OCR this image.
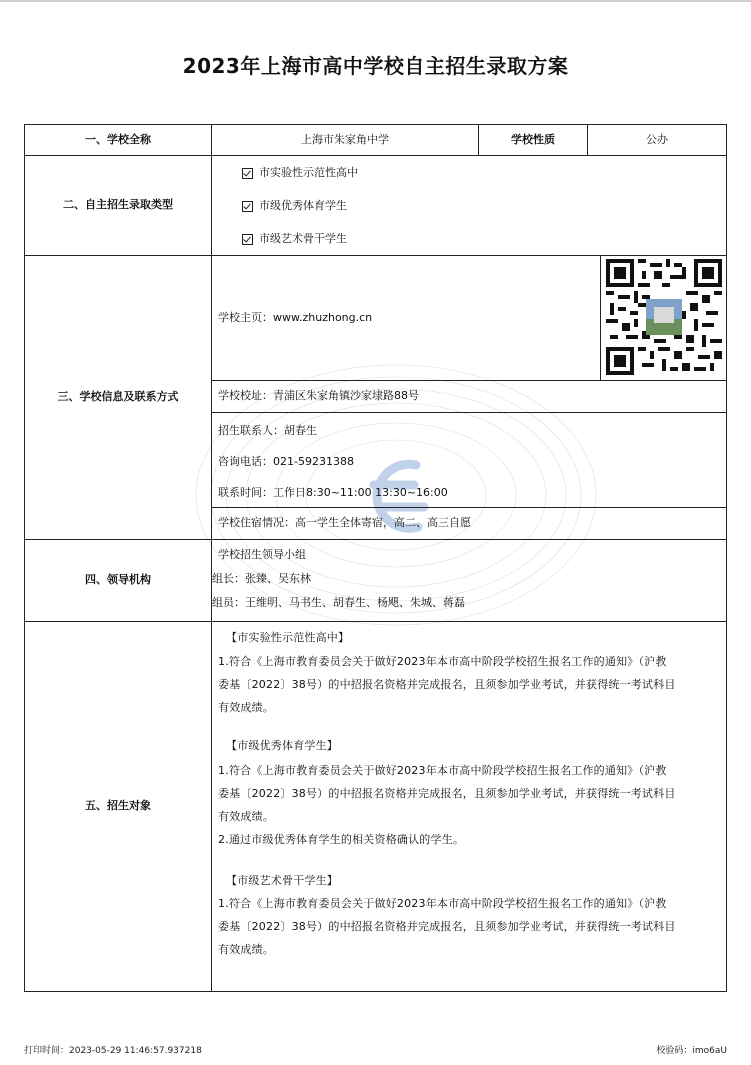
2023年上海市高中学校自主招生录取方案
一、学校全称	上海市朱家角中学	学校性质	公办
二、自主招生录取类型
市实验性示范性高中
市级优秀体育学生
市级艺术骨干学生
三、学校信息及联系方式
学校主页：www.zhuzhong.cn
学校校址：青浦区朱家角镇沙家埭路88号
招生联系人：胡春生
咨询电话：021-59231388
联系时间：工作日8:30~11:00 13:30~16:00
学校住宿情况：高一学生全体寄宿，高二、高三自愿
四、领导机构
学校招生领导小组
组长：张臻、吴东林
组员：王维明、马书生、胡春生、杨飓、朱城、蒋磊
五、招生对象
【市实验性示范性高中】
1.符合《上海市教育委员会关于做好2023年本市高中阶段学校招生报名工作的通知》（沪教
委基〔2022〕38号）的中招报名资格并完成报名，且须参加学业考试，并获得统一考试科目
有效成绩。
【市级优秀体育学生】
1.符合《上海市教育委员会关于做好2023年本市高中阶段学校招生报名工作的通知》（沪教
委基〔2022〕38号）的中招报名资格并完成报名，且须参加学业考试，并获得统一考试科目
有效成绩。
2.通过市级优秀体育学生的相关资格确认的学生。
【市级艺术骨干学生】
1.符合《上海市教育委员会关于做好2023年本市高中阶段学校招生报名工作的通知》（沪教
委基〔2022〕38号）的中招报名资格并完成报名，且须参加学业考试，并获得统一考试科目
有效成绩。
打印时间：2023-05-29 11:46:57.937218	校验码：imo6aU
